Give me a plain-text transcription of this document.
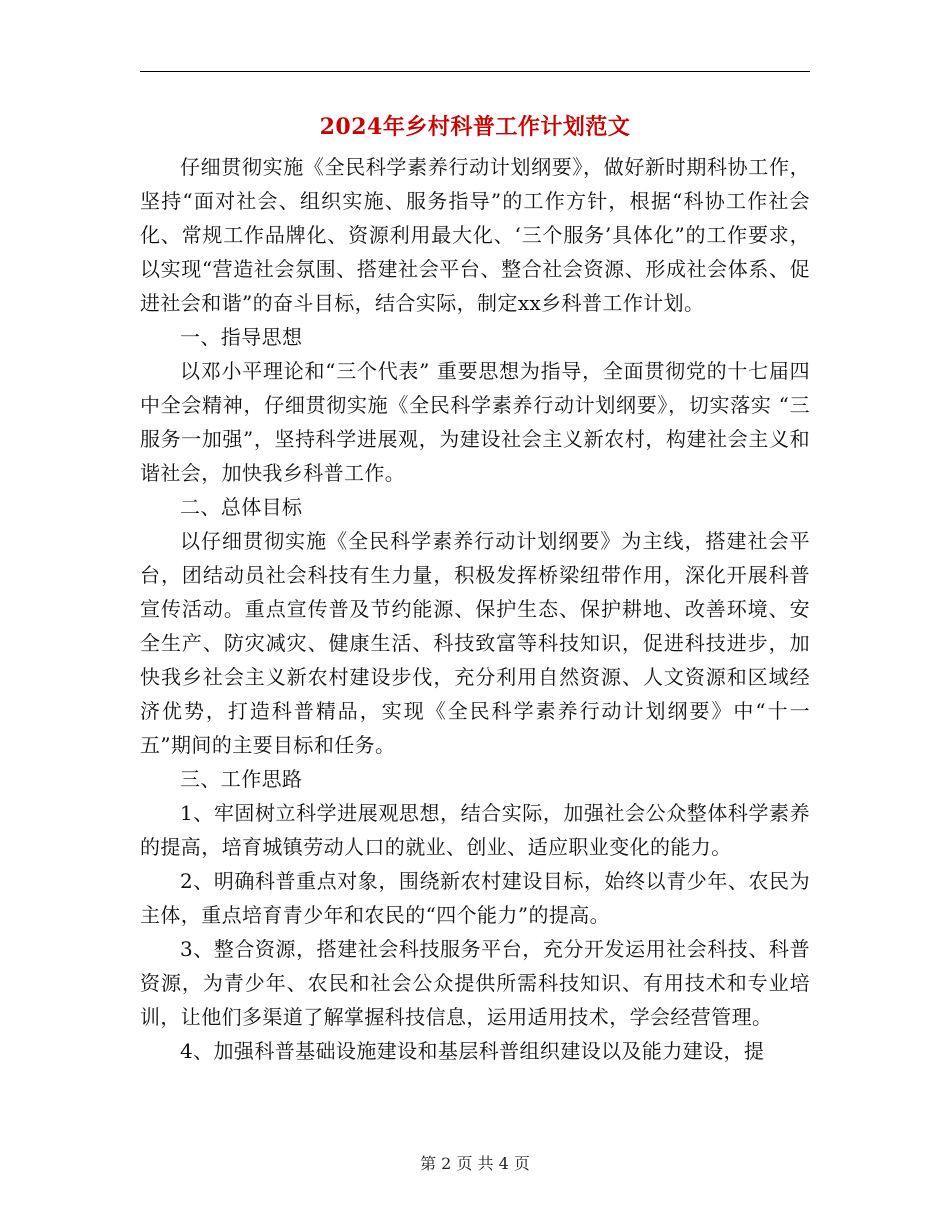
2024年乡村科普工作计划范文

仔细贯彻实施《全民科学素养行动计划纲要》，做好新时期科协工作，坚持“面对社会、组织实施、服务指导”的工作方针，根据“科协工作社会化、常规工作品牌化、资源利用最大化、‘三个服务’具体化”的工作要求，以实现“营造社会氛围、搭建社会平台、整合社会资源、形成社会体系、促进社会和谐”的奋斗目标，结合实际，制定xx乡科普工作计划。

一、指导思想

以邓小平理论和“三个代表” 重要思想为指导，全面贯彻党的十七届四中全会精神，仔细贯彻实施《全民科学素养行动计划纲要》，切实落实 “三服务一加强”，坚持科学进展观，为建设社会主义新农村，构建社会主义和谐社会，加快我乡科普工作。

二、总体目标

以仔细贯彻实施《全民科学素养行动计划纲要》为主线，搭建社会平台，团结动员社会科技有生力量，积极发挥桥梁纽带作用，深化开展科普宣传活动。重点宣传普及节约能源、保护生态、保护耕地、改善环境、安全生产、防灾减灾、健康生活、科技致富等科技知识，促进科技进步，加快我乡社会主义新农村建设步伐，充分利用自然资源、人文资源和区域经济优势，打造科普精品，实现《全民科学素养行动计划纲要》中“十一五”期间的主要目标和任务。

三、工作思路

1、牢固树立科学进展观思想，结合实际，加强社会公众整体科学素养的提高，培育城镇劳动人口的就业、创业、适应职业变化的能力。

2、明确科普重点对象，围绕新农村建设目标，始终以青少年、农民为主体，重点培育青少年和农民的“四个能力”的提高。

3、整合资源，搭建社会科技服务平台，充分开发运用社会科技、科普资源，为青少年、农民和社会公众提供所需科技知识、有用技术和专业培训，让他们多渠道了解掌握科技信息，运用适用技术，学会经营管理。

4、加强科普基础设施建设和基层科普组织建设以及能力建设，提

第 2 页 共 4 页
